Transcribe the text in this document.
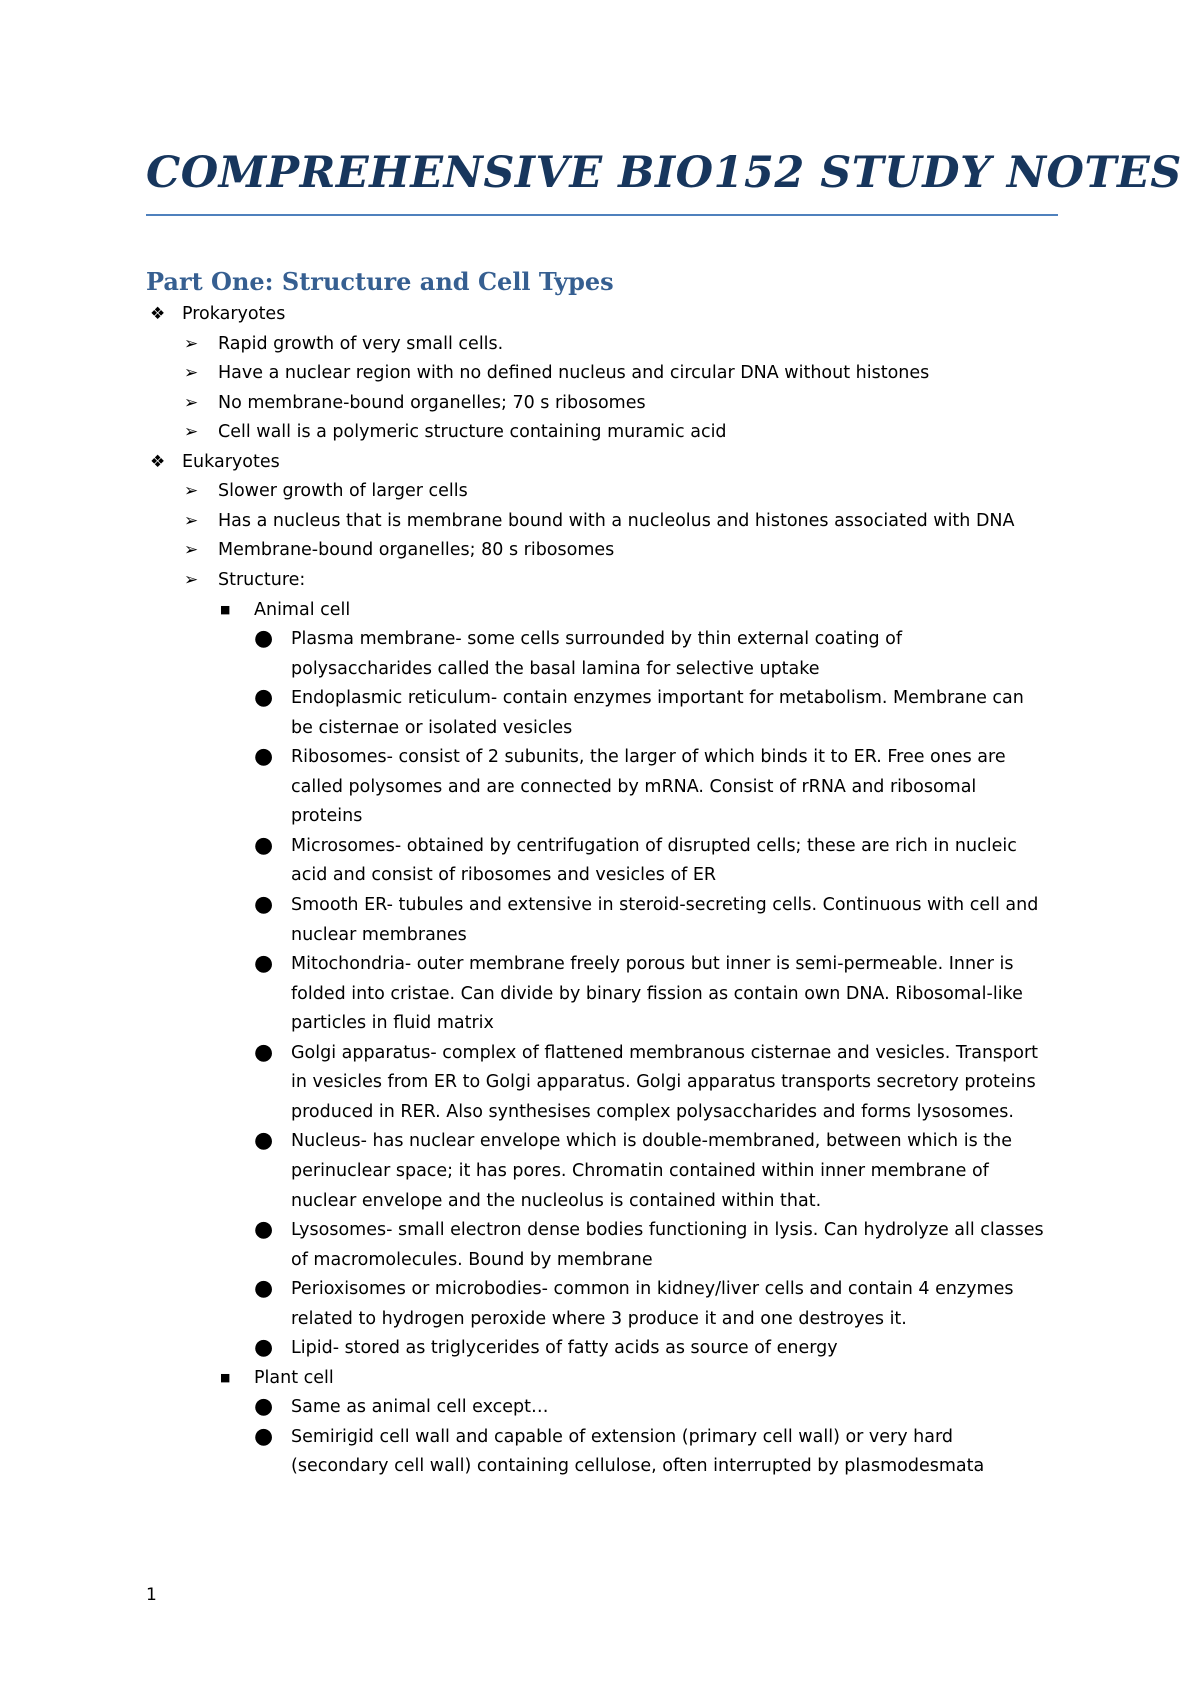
COMPREHENSIVE BIO152 STUDY NOTES
Part One: Structure and Cell Types
❖ Prokaryotes
➢ Rapid growth of very small cells.
➢ Have a nuclear region with no defined nucleus and circular DNA without histones
➢ No membrane-bound organelles; 70 s ribosomes
➢ Cell wall is a polymeric structure containing muramic acid
❖ Eukaryotes
➢ Slower growth of larger cells
➢ Has a nucleus that is membrane bound with a nucleolus and histones associated with DNA
➢ Membrane-bound organelles; 80 s ribosomes
➢ Structure:
■ Animal cell
● Plasma membrane- some cells surrounded by thin external coating of
polysaccharides called the basal lamina for selective uptake
● Endoplasmic reticulum- contain enzymes important for metabolism. Membrane can
be cisternae or isolated vesicles
● Ribosomes- consist of 2 subunits, the larger of which binds it to ER. Free ones are
called polysomes and are connected by mRNA. Consist of rRNA and ribosomal
proteins
● Microsomes- obtained by centrifugation of disrupted cells; these are rich in nucleic
acid and consist of ribosomes and vesicles of ER
● Smooth ER- tubules and extensive in steroid-secreting cells. Continuous with cell and
nuclear membranes
● Mitochondria- outer membrane freely porous but inner is semi-permeable. Inner is
folded into cristae. Can divide by binary fission as contain own DNA. Ribosomal-like
particles in fluid matrix
● Golgi apparatus- complex of flattened membranous cisternae and vesicles. Transport
in vesicles from ER to Golgi apparatus. Golgi apparatus transports secretory proteins
produced in RER. Also synthesises complex polysaccharides and forms lysosomes.
● Nucleus- has nuclear envelope which is double-membraned, between which is the
perinuclear space; it has pores. Chromatin contained within inner membrane of
nuclear envelope and the nucleolus is contained within that.
● Lysosomes- small electron dense bodies functioning in lysis. Can hydrolyze all classes
of macromolecules. Bound by membrane
● Perioxisomes or microbodies- common in kidney/liver cells and contain 4 enzymes
related to hydrogen peroxide where 3 produce it and one destroyes it.
● Lipid- stored as triglycerides of fatty acids as source of energy
■ Plant cell
● Same as animal cell except…
● Semirigid cell wall and capable of extension (primary cell wall) or very hard
(secondary cell wall) containing cellulose, often interrupted by plasmodesmata
1
